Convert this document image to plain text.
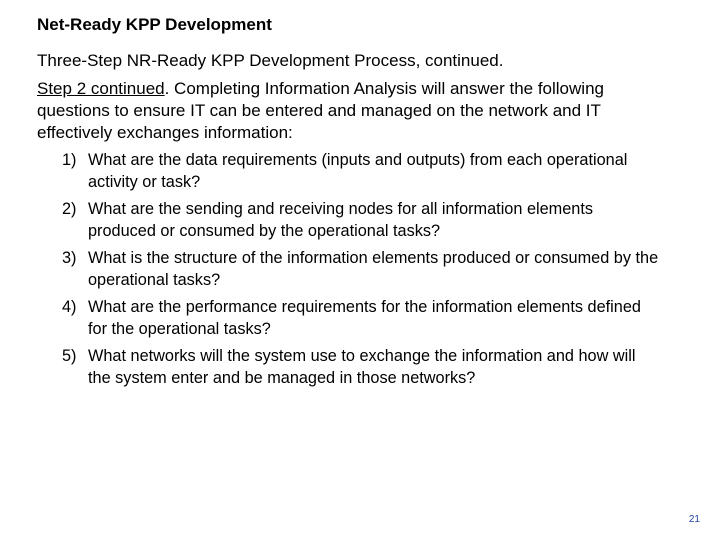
Net-Ready KPP Development
Three-Step NR-Ready KPP Development Process, continued.
Step 2 continued. Completing Information Analysis will answer the following questions to ensure IT can be entered and managed on the network and IT effectively exchanges information:
1) What are the data requirements (inputs and outputs) from each operational activity or task?
2) What are the sending and receiving nodes for all information elements produced or consumed by the operational tasks?
3) What is the structure of the information elements produced or consumed by the operational tasks?
4) What are the performance requirements for the information elements defined for the operational tasks?
5) What networks will the system use to exchange the information and how will the system enter and be managed in those networks?
21
